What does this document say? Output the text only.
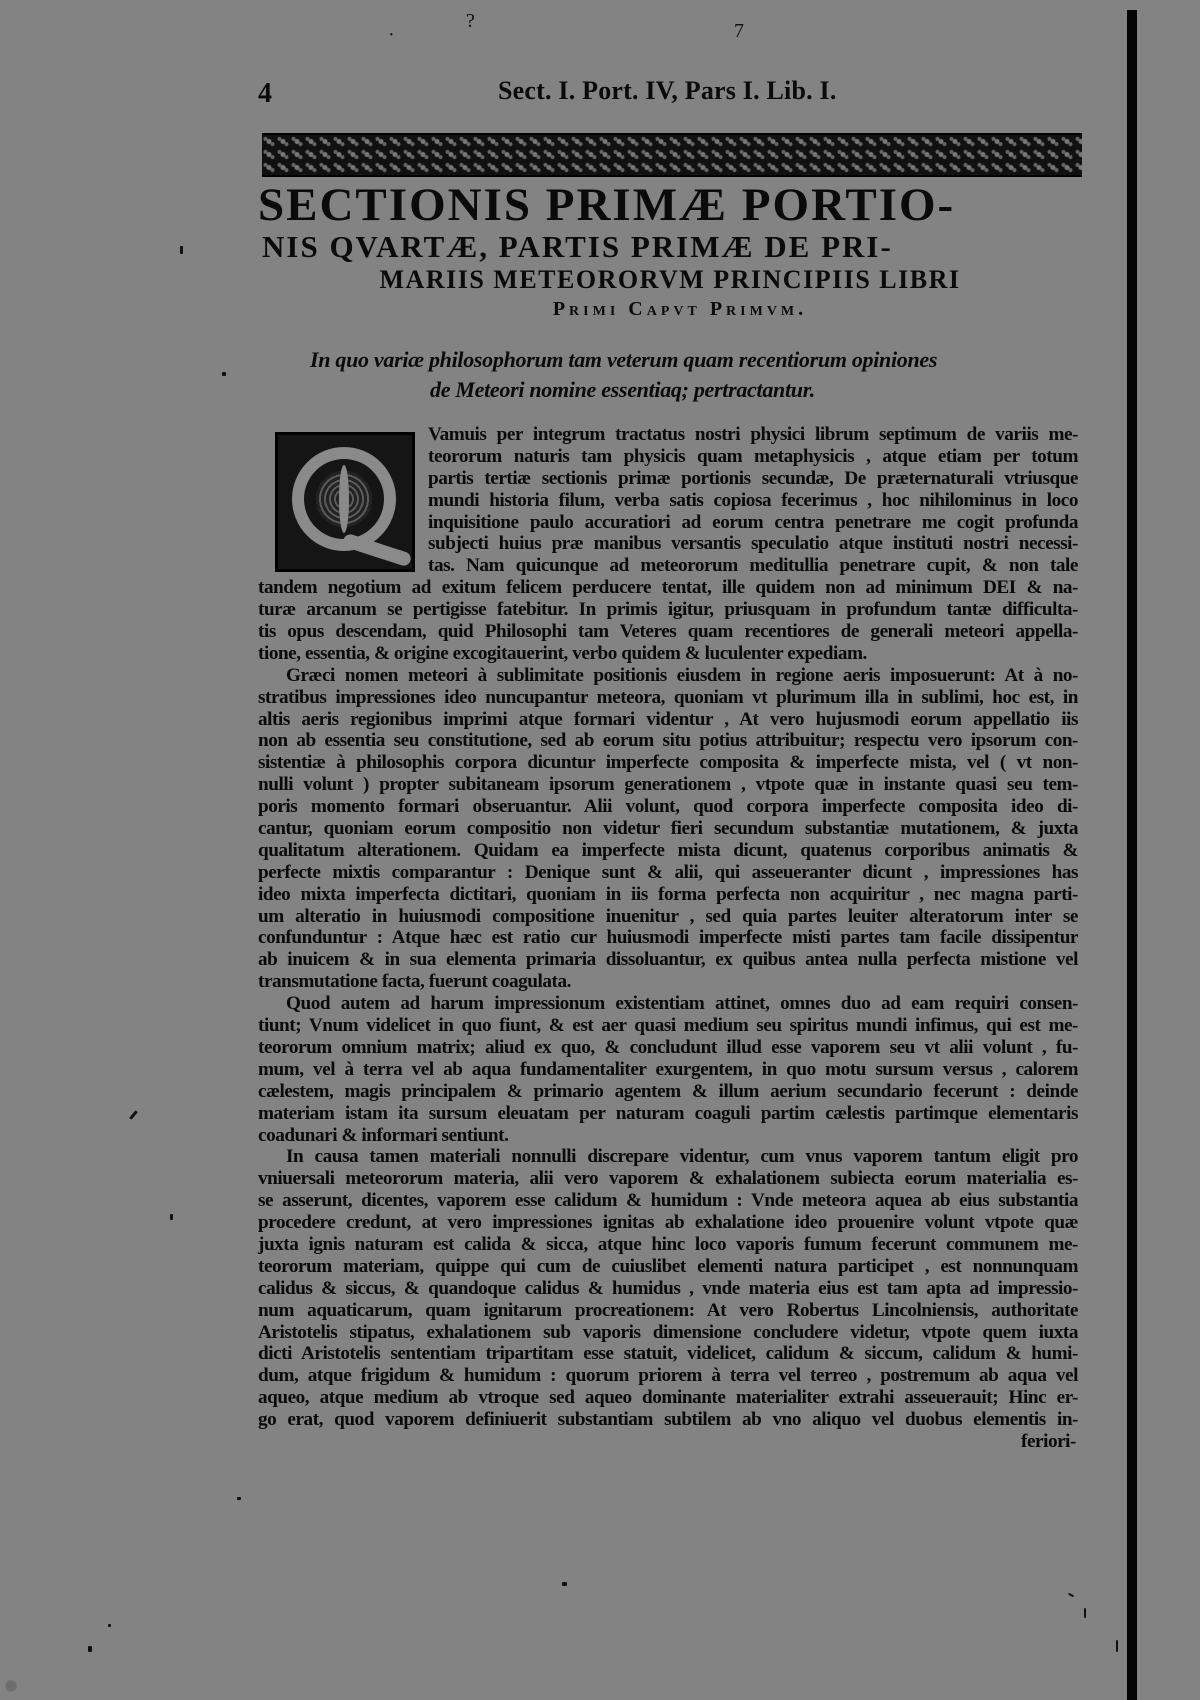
·
?	7
4	Sect. I. Port. IV, Pars I. Lib. I.
SECTIONIS PRIMÆ PORTIO-
NIS QVARTÆ, PARTIS PRIMÆ DE PRI-
MARIIS METEORORVM PRINCIPIIS LIBRI
Primi Capvt Primvm.
In quo variæ philosophorum tam veterum quam recentiorum opiniones
de Meteori nomine essentiaq; pertractantur.
Vamuis per integrum tractatus nostri physici librum septimum de variis me-
teororum naturis tam physicis quam metaphysicis , atque etiam per totum
partis tertiæ sectionis primæ portionis secundæ, De præternaturali vtriusque
mundi historia filum, verba satis copiosa fecerimus , hoc nihilominus in loco
inquisitione paulo accuratiori ad eorum centra penetrare me cogit profunda
subjecti huius præ manibus versantis speculatio atque instituti nostri necessi-
tas. Nam quicunque ad meteororum meditullia penetrare cupit, & non tale
tandem negotium ad exitum felicem perducere tentat, ille quidem non ad minimum DEI & na-
turæ arcanum se pertigisse fatebitur. In primis igitur, priusquam in profundum tantæ difficulta-
tis opus descendam, quid Philosophi tam Veteres quam recentiores de generali meteori appella-
tione, essentia, & origine excogitauerint, verbo quidem & luculenter expediam.
Græci nomen meteori à sublimitate positionis eiusdem in regione aeris imposuerunt: At à no-
stratibus impressiones ideo nuncupantur meteora, quoniam vt plurimum illa in sublimi, hoc est, in
altis aeris regionibus imprimi atque formari videntur , At vero hujusmodi eorum appellatio iis
non ab essentia seu constitutione, sed ab eorum situ potius attribuitur; respectu vero ipsorum con-
sistentiæ à philosophis corpora dicuntur imperfecte composita & imperfecte mista, vel ( vt non-
nulli volunt ) propter subitaneam ipsorum generationem , vtpote quæ in instante quasi seu tem-
poris momento formari obseruantur. Alii volunt, quod corpora imperfecte composita ideo di-
cantur, quoniam eorum compositio non videtur fieri secundum substantiæ mutationem, & juxta
qualitatum alterationem. Quidam ea imperfecte mista dicunt, quatenus corporibus animatis &
perfecte mixtis comparantur : Denique sunt & alii, qui asseueranter dicunt , impressiones has
ideo mixta imperfecta dictitari, quoniam in iis forma perfecta non acquiritur , nec magna parti-
um alteratio in huiusmodi compositione inuenitur , sed quia partes leuiter alteratorum inter se
confunduntur : Atque hæc est ratio cur huiusmodi imperfecte misti partes tam facile dissipentur
ab inuicem & in sua elementa primaria dissoluantur, ex quibus antea nulla perfecta mistione vel
transmutatione facta, fuerunt coagulata.
Quod autem ad harum impressionum existentiam attinet, omnes duo ad eam requiri consen-
tiunt; Vnum videlicet in quo fiunt, & est aer quasi medium seu spiritus mundi infimus, qui est me-
teororum omnium matrix; aliud ex quo, & concludunt illud esse vaporem seu vt alii volunt , fu-
mum, vel à terra vel ab aqua fundamentaliter exurgentem, in quo motu sursum versus , calorem
cælestem, magis principalem & primario agentem & illum aerium secundario fecerunt : deinde
materiam istam ita sursum eleuatam per naturam coaguli partim cælestis partimque elementaris
coadunari & informari sentiunt.
In causa tamen materiali nonnulli discrepare videntur, cum vnus vaporem tantum eligit pro
vniuersali meteororum materia, alii vero vaporem & exhalationem subiecta eorum materialia es-
se asserunt, dicentes, vaporem esse calidum & humidum : Vnde meteora aquea ab eius substantia
procedere credunt, at vero impressiones ignitas ab exhalatione ideo prouenire volunt vtpote quæ
juxta ignis naturam est calida & sicca, atque hinc loco vaporis fumum fecerunt communem me-
teororum materiam, quippe qui cum de cuiuslibet elementi natura participet , est nonnunquam
calidus & siccus, & quandoque calidus & humidus , vnde materia eius est tam apta ad impressio-
num aquaticarum, quam ignitarum procreationem: At vero Robertus Lincolniensis, authoritate
Aristotelis stipatus, exhalationem sub vaporis dimensione concludere videtur, vtpote quem iuxta
dicti Aristotelis sententiam tripartitam esse statuit, videlicet, calidum & siccum, calidum & humi-
dum, atque frigidum & humidum : quorum priorem à terra vel terreo , postremum ab aqua vel
aqueo, atque medium ab vtroque sed aqueo dominante materialiter extrahi asseuerauit; Hinc er-
go erat, quod vaporem definiuerit substantiam subtilem ab vno aliquo vel duobus elementis in-
feriori-
